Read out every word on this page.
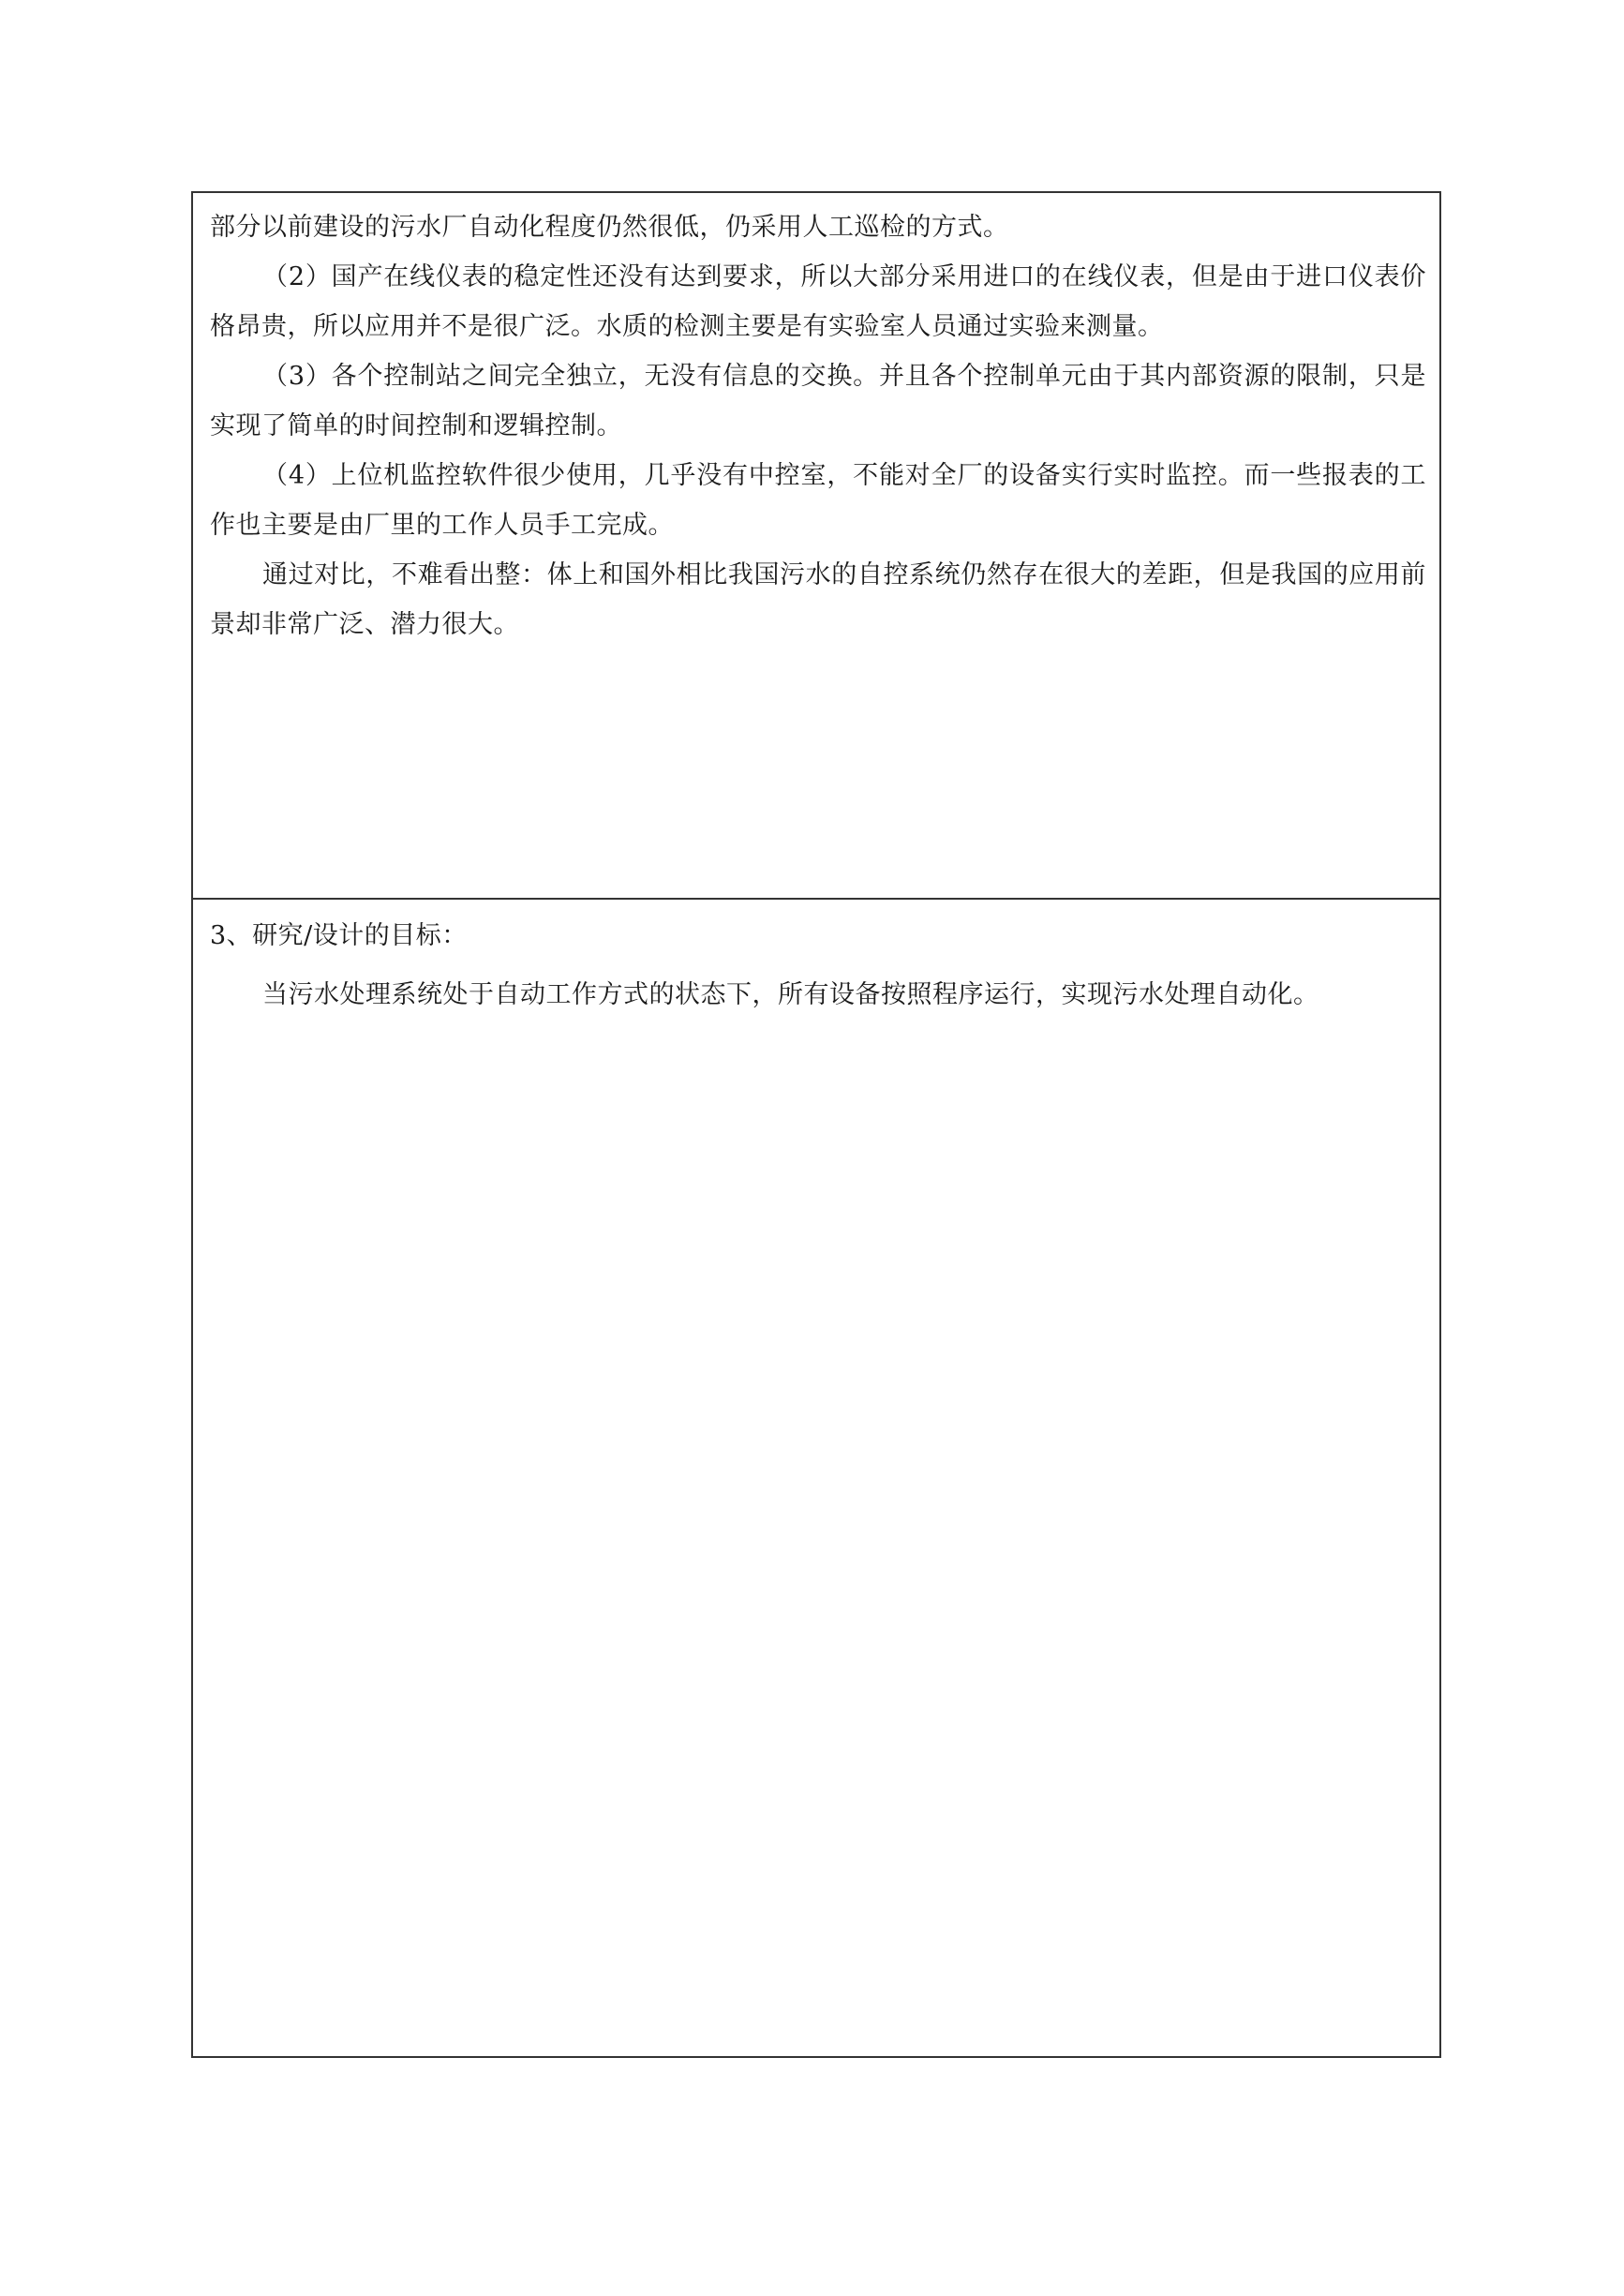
部分以前建设的污水厂自动化程度仍然很低，仍采用人工巡检的方式。

（2）国产在线仪表的稳定性还没有达到要求，所以大部分采用进口的在线仪表，但是由于进口仪表价格昂贵，所以应用并不是很广泛。水质的检测主要是有实验室人员通过实验来测量。

（3）各个控制站之间完全独立，无没有信息的交换。并且各个控制单元由于其内部资源的限制，只是实现了简单的时间控制和逻辑控制。

（4）上位机监控软件很少使用，几乎没有中控室，不能对全厂的设备实行实时监控。而一些报表的工作也主要是由厂里的工作人员手工完成。

通过对比，不难看出整：体上和国外相比我国污水的自控系统仍然存在很大的差距，但是我国的应用前景却非常广泛、潜力很大。

3、研究/设计的目标：

当污水处理系统处于自动工作方式的状态下，所有设备按照程序运行，实现污水处理自动化。
